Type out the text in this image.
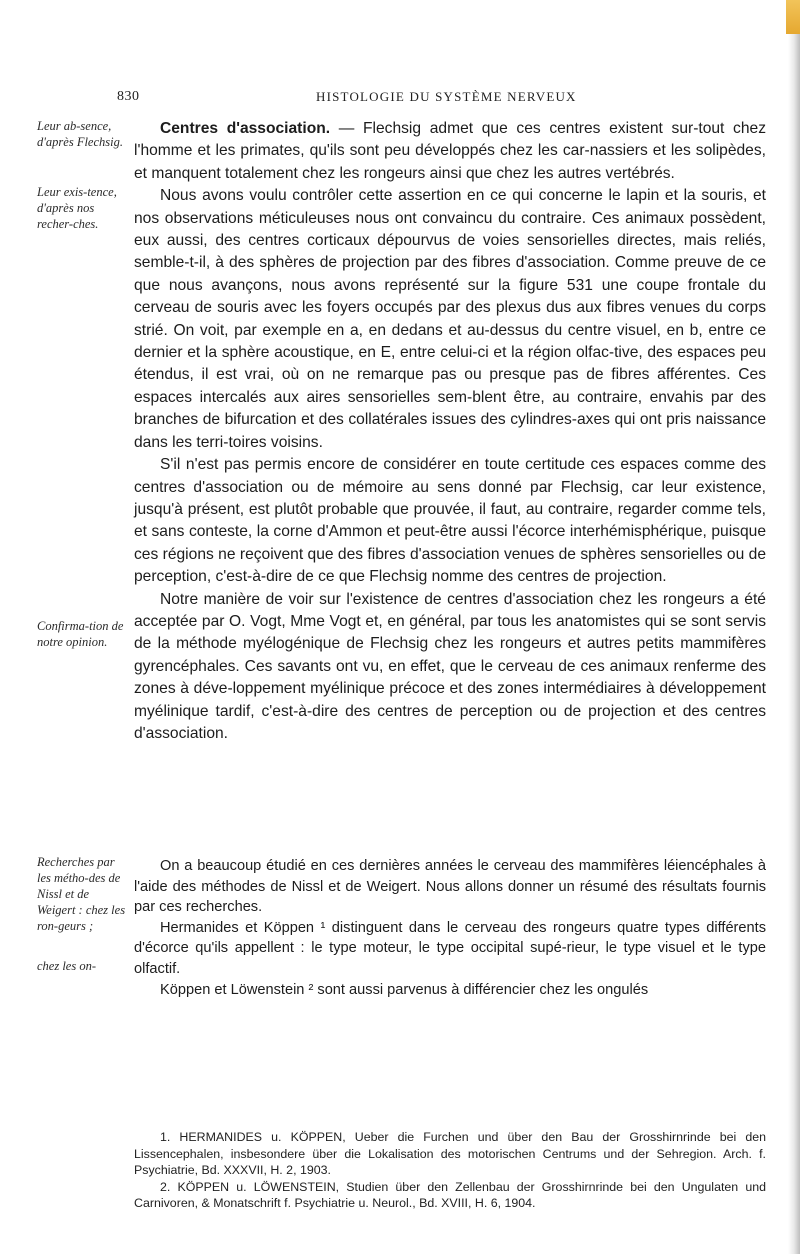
830	HISTOLOGIE DU SYSTÈME NERVEUX
Leur ab-sence, d'après Flechsig.
Leur exis-tence, d'après nos recher-ches.
Confirma-tion de notre opinion.
Recherches par les métho-des de Nissl et de Weigert : chez les ron-geurs ;
chez les on-

Centres d'association. — Flechsig admet que ces centres existent sur-tout chez l'homme et les primates, qu'ils sont peu développés chez les car-nassiers et les solipèdes, et manquent totalement chez les rongeurs ainsi que chez les autres vertébrés.

Nous avons voulu contrôler cette assertion en ce qui concerne le lapin et la souris, et nos observations méticuleuses nous ont convaincu du contraire. Ces animaux possèdent, eux aussi, des centres corticaux dépourvus de voies sensorielles directes, mais reliés, semble-t-il, à des sphères de projection par des fibres d'association. Comme preuve de ce que nous avançons, nous avons représenté sur la figure 531 une coupe frontale du cerveau de souris avec les foyers occupés par des plexus dus aux fibres venues du corps strié. On voit, par exemple en a, en dedans et au-dessus du centre visuel, en b, entre ce dernier et la sphère acoustique, en E, entre celui-ci et la région olfac-tive, des espaces peu étendus, il est vrai, où on ne remarque pas ou presque pas de fibres afférentes. Ces espaces intercalés aux aires sensorielles sem-blent être, au contraire, envahis par des branches de bifurcation et des collatérales issues des cylindres-axes qui ont pris naissance dans les terri-toires voisins.

S'il n'est pas permis encore de considérer en toute certitude ces espaces comme des centres d'association ou de mémoire au sens donné par Flechsig, car leur existence, jusqu'à présent, est plutôt probable que prouvée, il faut, au contraire, regarder comme tels, et sans conteste, la corne d'Ammon et peut-être aussi l'écorce interhémisphérique, puisque ces régions ne reçoivent que des fibres d'association venues de sphères sensorielles ou de perception, c'est-à-dire de ce que Flechsig nomme des centres de projection.

Notre manière de voir sur l'existence de centres d'association chez les rongeurs a été acceptée par O. Vogt, Mme Vogt et, en général, par tous les anatomistes qui se sont servis de la méthode myélogénique de Flechsig chez les rongeurs et autres petits mammifères gyrencéphales. Ces savants ont vu, en effet, que le cerveau de ces animaux renferme des zones à déve-loppement myélinique précoce et des zones intermédiaires à développement myélinique tardif, c'est-à-dire des centres de perception ou de projection et des centres d'association.

On a beaucoup étudié en ces dernières années le cerveau des mammifères léiencéphales à l'aide des méthodes de Nissl et de Weigert. Nous allons donner un résumé des résultats fournis par ces recherches.

Hermanides et Köppen ¹ distinguent dans le cerveau des rongeurs quatre types différents d'écorce qu'ils appellent : le type moteur, le type occipital supé-rieur, le type visuel et le type olfactif.

Köppen et Löwenstein ² sont aussi parvenus à différencier chez les ongulés

1. HERMANIDES u. KÖPPEN, Ueber die Furchen und über den Bau der Grosshirnrinde bei den Lissencephalen, insbesondere über die Lokalisation des motorischen Centrums und der Sehregion. Arch. f. Psychiatrie, Bd. XXXVII, H. 2, 1903.

2. KÖPPEN u. LÖWENSTEIN, Studien über den Zellenbau der Grosshirnrinde bei den Ungulaten und Carnivoren, & Monatschrift f. Psychiatrie u. Neurol., Bd. XVIII, H. 6, 1904.
